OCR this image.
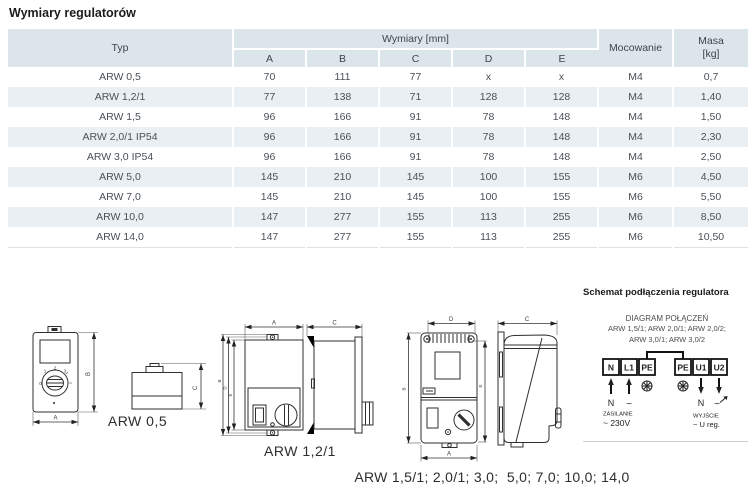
Wymiary regulatorów
Typ	Wymiary [mm]					Mocowanie	Masa
[kg]

	A	B	C	D	E		
ARW 0,5	70	111	77	x	x	M4	0,7
ARW 1,2/1	77	138	71	128	128	M4	1,40
ARW 1,5	96	166	91	78	148	M4	1,50
ARW 2,0/1 IP54	96	166	91	78	148	M4	2,30
ARW 3,0 IP54	96	166	91	78	148	M4	2,50
ARW 5,0	145	210	145	100	155	M6	4,50
ARW 7,0	145	210	145	100	155	M6	5,50
ARW 10,0	147	277	155	113	255	M6	8,50
ARW 14,0	147	277	155	113	255	M6	10,50
1
2
3
0
B
A
C
ARW 0,5
A	C
B
D
E
ARW 1,2/1
D	C
B
E
A
ARW 1,5/1; 2,0/1; 3,0;  5,0; 7,0; 10,0; 14,0
Schemat podłączenia regulatora
DIAGRAM POŁĄCZEŃ
ARW 1,5/1; ARW 2,0/1; ARW 2,0/2;
ARW 3,0/1; ARW 3,0/2
N L1 PE	PE U1 U2
N ~
ZASILANIE
~ 230V
N ~
WYJŚCIE
~ U reg.
